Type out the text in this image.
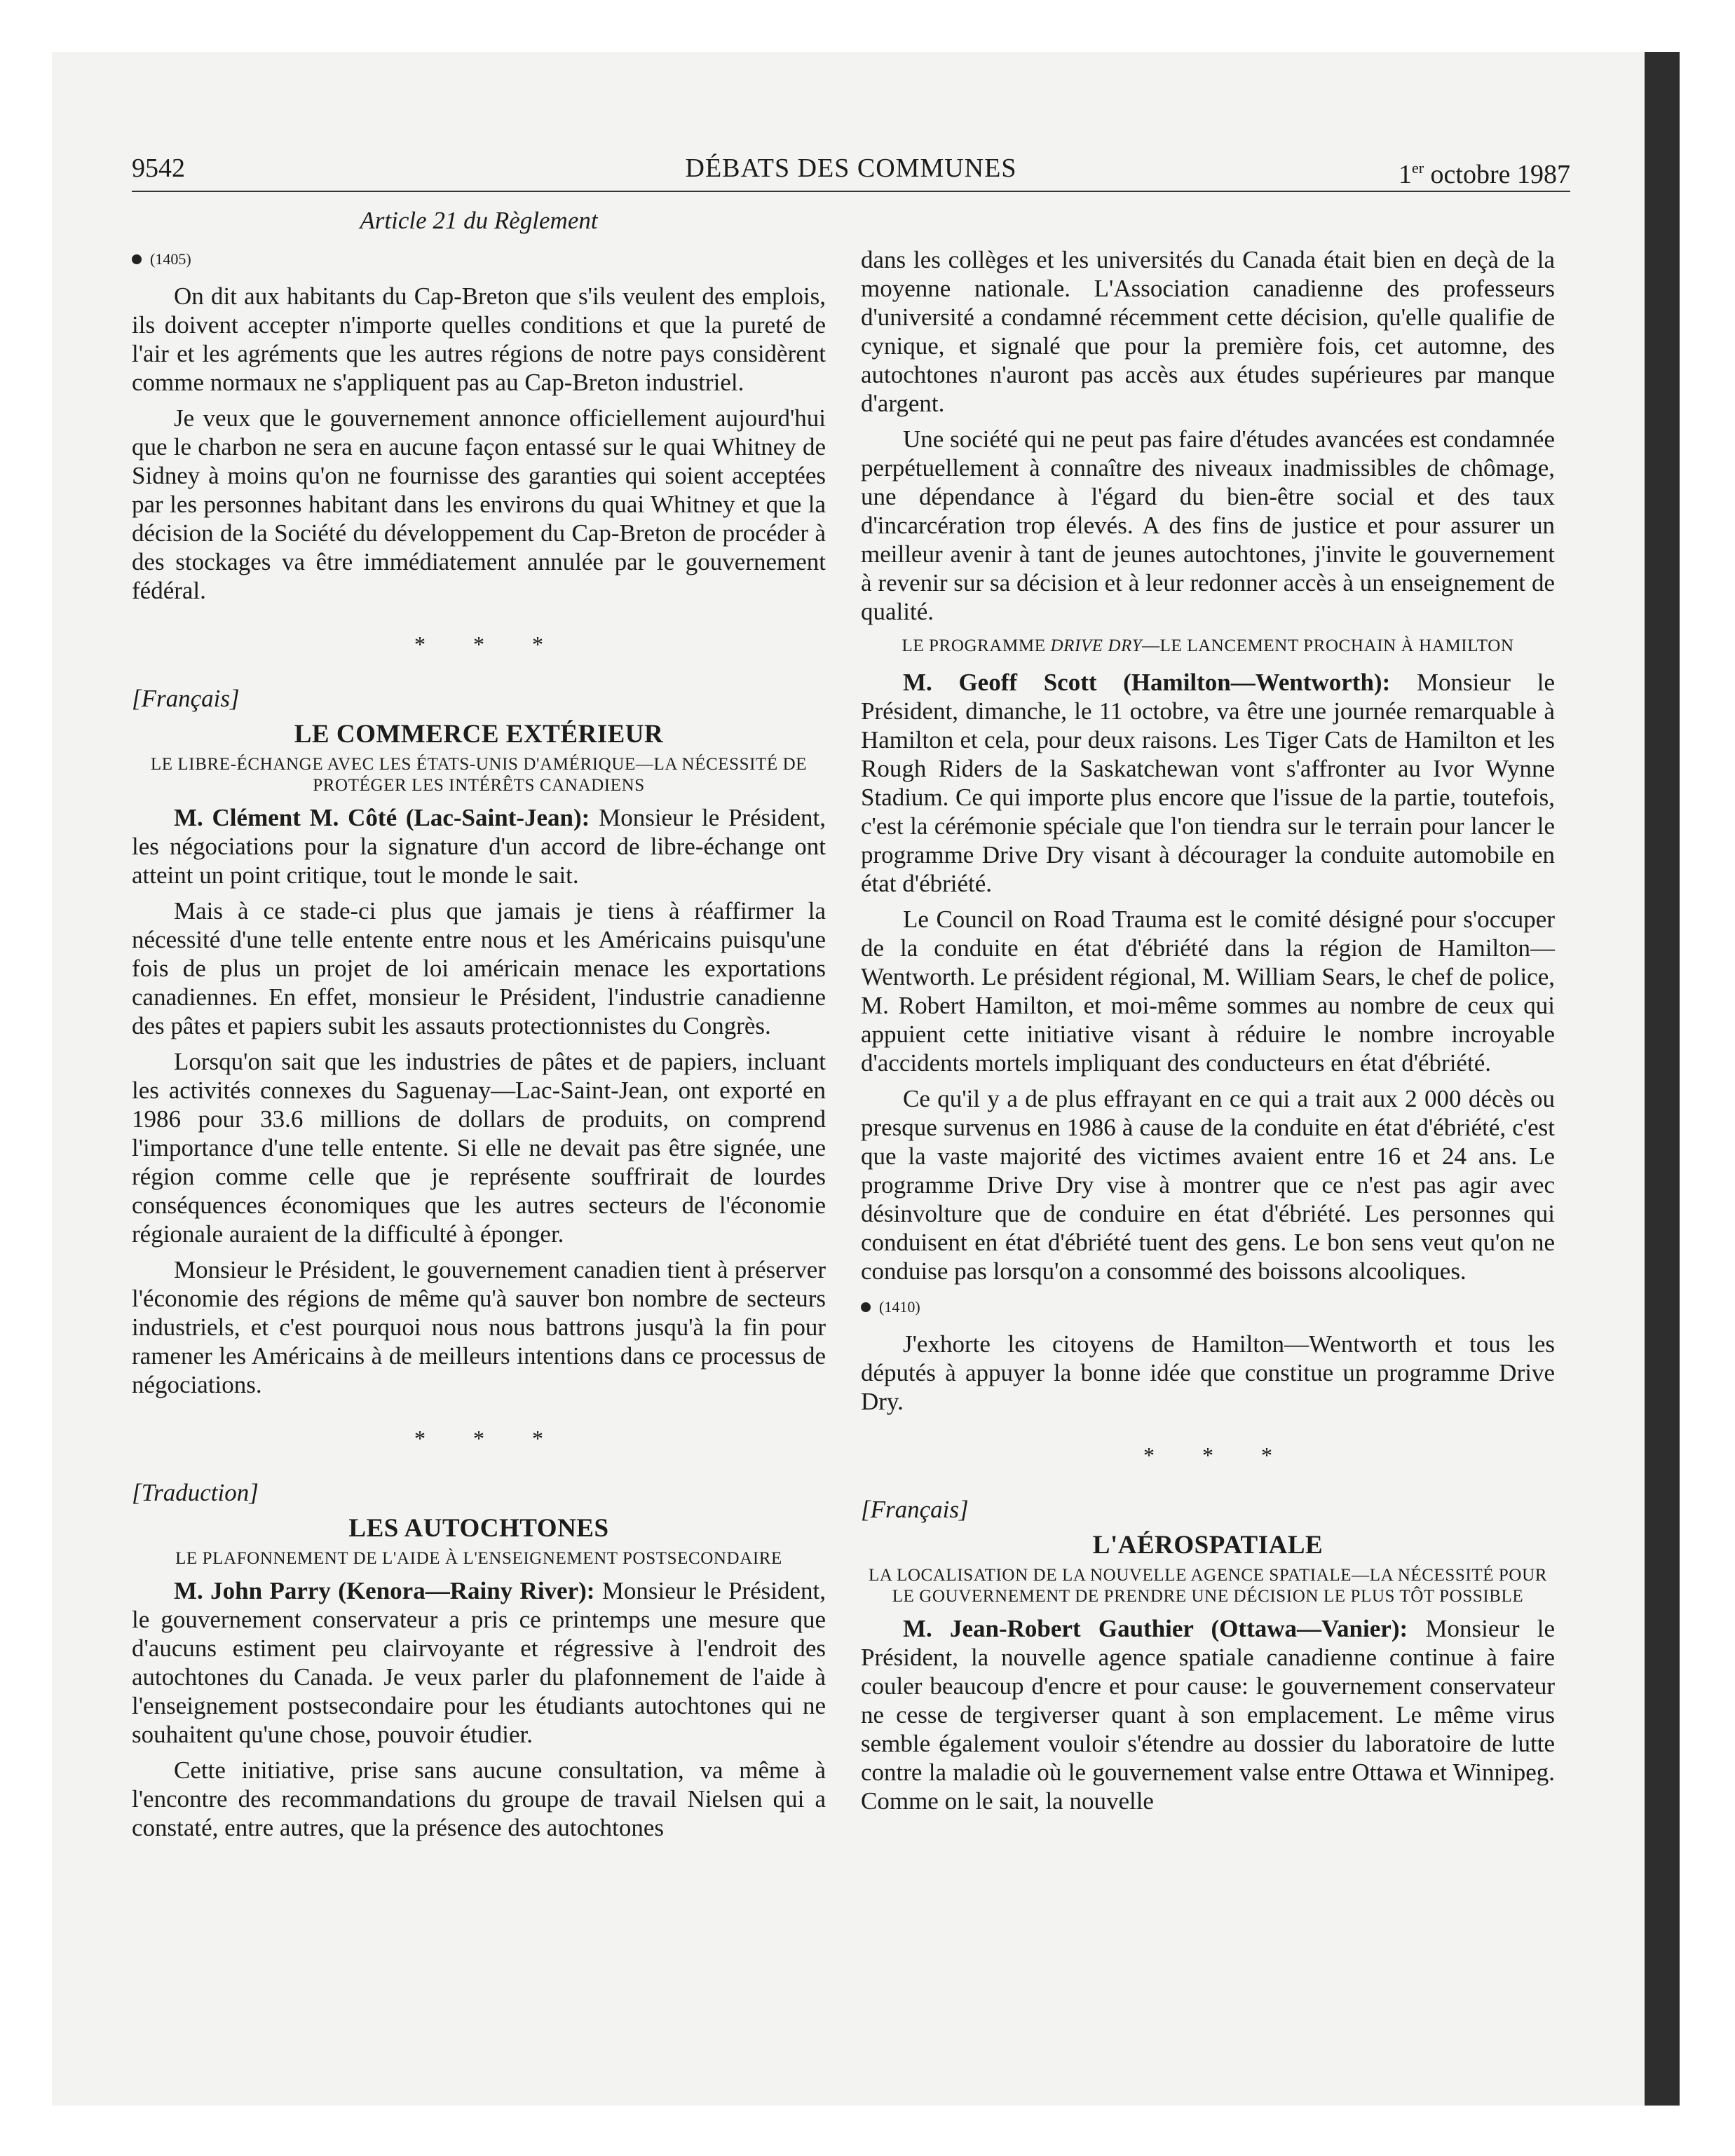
9542	DÉBATS DES COMMUNES	1er octobre 1987
Article 21 du Règlement
(1405)

On dit aux habitants du Cap-Breton que s'ils veulent des emplois, ils doivent accepter n'importe quelles conditions et que la pureté de l'air et les agréments que les autres régions de notre pays considèrent comme normaux ne s'appliquent pas au Cap-Breton industriel.

Je veux que le gouvernement annonce officiellement aujourd'hui que le charbon ne sera en aucune façon entassé sur le quai Whitney de Sidney à moins qu'on ne fournisse des garanties qui soient acceptées par les personnes habitant dans les environs du quai Whitney et que la décision de la Société du développement du Cap-Breton de procéder à des stockages va être immédiatement annulée par le gouvernement fédéral.

* * *
[Français]
LE COMMERCE EXTÉRIEUR
LE LIBRE-ÉCHANGE AVEC LES ÉTATS-UNIS D'AMÉRIQUE—LA NÉCESSITÉ DE PROTÉGER LES INTÉRÊTS CANADIENS

M. Clément M. Côté (Lac-Saint-Jean): Monsieur le Président, les négociations pour la signature d'un accord de libre-échange ont atteint un point critique, tout le monde le sait.

Mais à ce stade-ci plus que jamais je tiens à réaffirmer la nécessité d'une telle entente entre nous et les Américains puisqu'une fois de plus un projet de loi américain menace les exportations canadiennes. En effet, monsieur le Président, l'industrie canadienne des pâtes et papiers subit les assauts protectionnistes du Congrès.

Lorsqu'on sait que les industries de pâtes et de papiers, incluant les activités connexes du Saguenay—Lac-Saint-Jean, ont exporté en 1986 pour 33.6 millions de dollars de produits, on comprend l'importance d'une telle entente. Si elle ne devait pas être signée, une région comme celle que je représente souffrirait de lourdes conséquences économiques que les autres secteurs de l'économie régionale auraient de la difficulté à éponger.

Monsieur le Président, le gouvernement canadien tient à préserver l'économie des régions de même qu'à sauver bon nombre de secteurs industriels, et c'est pourquoi nous nous battrons jusqu'à la fin pour ramener les Américains à de meilleurs intentions dans ce processus de négociations.

* * *
[Traduction]
LES AUTOCHTONES
LE PLAFONNEMENT DE L'AIDE À L'ENSEIGNEMENT POSTSECONDAIRE

M. John Parry (Kenora—Rainy River): Monsieur le Président, le gouvernement conservateur a pris ce printemps une mesure que d'aucuns estiment peu clairvoyante et régressive à l'endroit des autochtones du Canada. Je veux parler du plafonnement de l'aide à l'enseignement postsecondaire pour les étudiants autochtones qui ne souhaitent qu'une chose, pouvoir étudier.

Cette initiative, prise sans aucune consultation, va même à l'encontre des recommandations du groupe de travail Nielsen qui a constaté, entre autres, que la présence des autochtones

dans les collèges et les universités du Canada était bien en deçà de la moyenne nationale. L'Association canadienne des professeurs d'université a condamné récemment cette décision, qu'elle qualifie de cynique, et signalé que pour la première fois, cet automne, des autochtones n'auront pas accès aux études supérieures par manque d'argent.

Une société qui ne peut pas faire d'études avancées est condamnée perpétuellement à connaître des niveaux inadmissibles de chômage, une dépendance à l'égard du bien-être social et des taux d'incarcération trop élevés. A des fins de justice et pour assurer un meilleur avenir à tant de jeunes autochtones, j'invite le gouvernement à revenir sur sa décision et à leur redonner accès à un enseignement de qualité.

LE PROGRAMME DRIVE DRY—LE LANCEMENT PROCHAIN À HAMILTON

M. Geoff Scott (Hamilton—Wentworth): Monsieur le Président, dimanche, le 11 octobre, va être une journée remarquable à Hamilton et cela, pour deux raisons. Les Tiger Cats de Hamilton et les Rough Riders de la Saskatchewan vont s'affronter au Ivor Wynne Stadium. Ce qui importe plus encore que l'issue de la partie, toutefois, c'est la cérémonie spéciale que l'on tiendra sur le terrain pour lancer le programme Drive Dry visant à décourager la conduite automobile en état d'ébriété.

Le Council on Road Trauma est le comité désigné pour s'occuper de la conduite en état d'ébriété dans la région de Hamilton— Wentworth. Le président régional, M. William Sears, le chef de police, M. Robert Hamilton, et moi-même sommes au nombre de ceux qui appuient cette initiative visant à réduire le nombre incroyable d'accidents mortels impliquant des conducteurs en état d'ébriété.

Ce qu'il y a de plus effrayant en ce qui a trait aux 2 000 décès ou presque survenus en 1986 à cause de la conduite en état d'ébriété, c'est que la vaste majorité des victimes avaient entre 16 et 24 ans. Le programme Drive Dry vise à montrer que ce n'est pas agir avec désinvolture que de conduire en état d'ébriété. Les personnes qui conduisent en état d'ébriété tuent des gens. Le bon sens veut qu'on ne conduise pas lorsqu'on a consommé des boissons alcooliques.

(1410)

J'exhorte les citoyens de Hamilton—Wentworth et tous les députés à appuyer la bonne idée que constitue un programme Drive Dry.

* * *
[Français]
L'AÉROSPATIALE
LA LOCALISATION DE LA NOUVELLE AGENCE SPATIALE—LA NÉCESSITÉ POUR LE GOUVERNEMENT DE PRENDRE UNE DÉCISION LE PLUS TÔT POSSIBLE

M. Jean-Robert Gauthier (Ottawa—Vanier): Monsieur le Président, la nouvelle agence spatiale canadienne continue à faire couler beaucoup d'encre et pour cause: le gouvernement conservateur ne cesse de tergiverser quant à son emplacement. Le même virus semble également vouloir s'étendre au dossier du laboratoire de lutte contre la maladie où le gouvernement valse entre Ottawa et Winnipeg. Comme on le sait, la nouvelle
